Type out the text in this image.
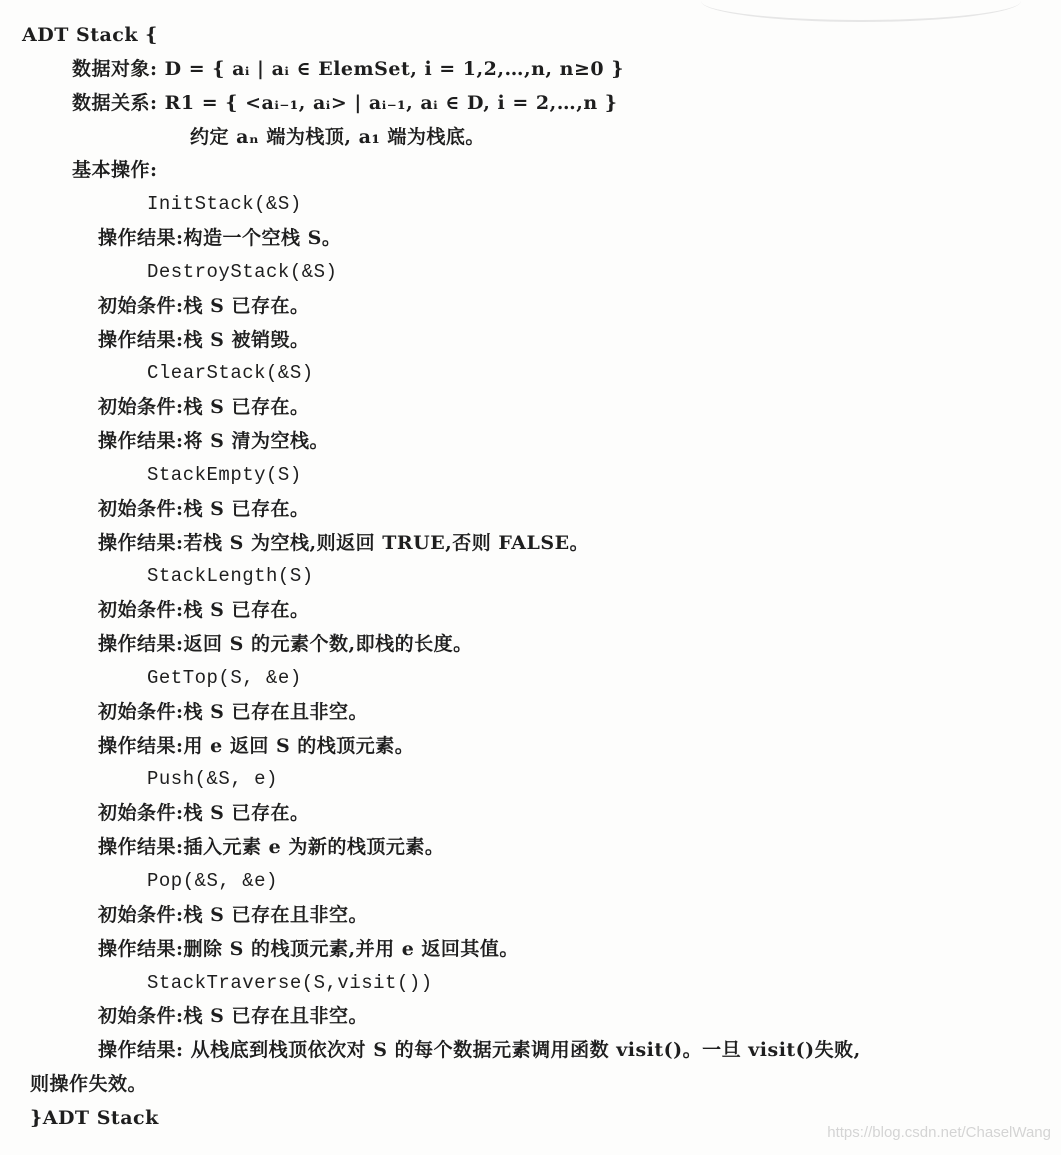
ADT Stack {
数据对象: D = { aᵢ | aᵢ ∈ ElemSet, i = 1,2,…,n, n≥0 }
数据关系: R1 = { <aᵢ₋₁, aᵢ> | aᵢ₋₁, aᵢ ∈ D, i = 2,…,n }
约定 aₙ 端为栈顶, a₁ 端为栈底。
基本操作:
InitStack(&S)
操作结果:构造一个空栈 S。
DestroyStack(&S)
初始条件:栈 S 已存在。
操作结果:栈 S 被销毁。
ClearStack(&S)
初始条件:栈 S 已存在。
操作结果:将 S 清为空栈。
StackEmpty(S)
初始条件:栈 S 已存在。
操作结果:若栈 S 为空栈,则返回 TRUE,否则 FALSE。
StackLength(S)
初始条件:栈 S 已存在。
操作结果:返回 S 的元素个数,即栈的长度。
GetTop(S, &e)
初始条件:栈 S 已存在且非空。
操作结果:用 e 返回 S 的栈顶元素。
Push(&S, e)
初始条件:栈 S 已存在。
操作结果:插入元素 e 为新的栈顶元素。
Pop(&S, &e)
初始条件:栈 S 已存在且非空。
操作结果:删除 S 的栈顶元素,并用 e 返回其值。
StackTraverse(S,visit())
初始条件:栈 S 已存在且非空。
操作结果: 从栈底到栈顶依次对 S 的每个数据元素调用函数 visit()。一旦 visit()失败,
则操作失效。
}ADT Stack
https://blog.csdn.net/ChaselWang
